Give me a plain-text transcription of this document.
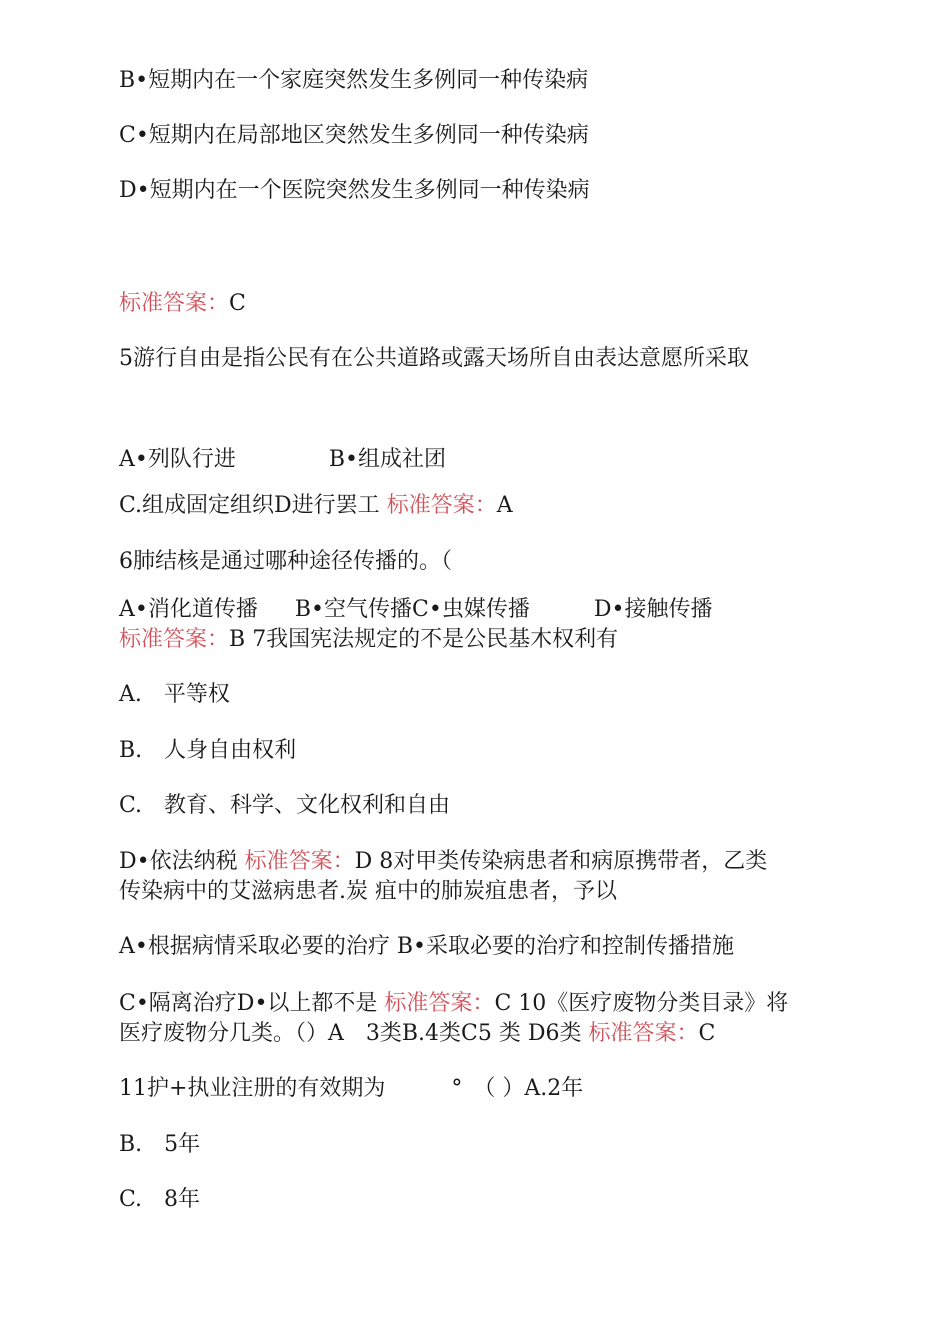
B•短期内在一个家庭突然发生多例同一种传染病

C•短期内在局部地区突然发生多例同一种传染病

D•短期内在一个医院突然发生多例同一种传染病

标准答案：C

5游行自由是指公民有在公共道路或露天场所自由表达意愿所采取

A•列队行进	B•组成社团

C.组成固定组织D进行罢工 标准答案：A

6肺结核是通过哪种途径传播的。（

A•消化道传播 B•空气传播C•虫媒传播	D•接触传播

标准答案：B 7我国宪法规定的不是公民基木权利有

A.　平等权

B.　人身自由权利

C.　教育、科学、文化权利和自由

D•依法纳税 标准答案：D 8对甲类传染病患者和病原携带者，乙类

传染病中的艾滋病患者.炭 疽中的肺炭疽患者，予以

A•根据病情采取必要的治疗 B•采取必要的治疗和控制传播措施

C•隔离治疗D•以上都不是 标准答案：C 10《医疗废物分类目录》将

医疗废物分几类。（）A　3类B.4类C5 类 D6类 标准答案：C

11护+执业注册的有效期为　　　°　（ ）A.2年

B.　5年

C.　8年
